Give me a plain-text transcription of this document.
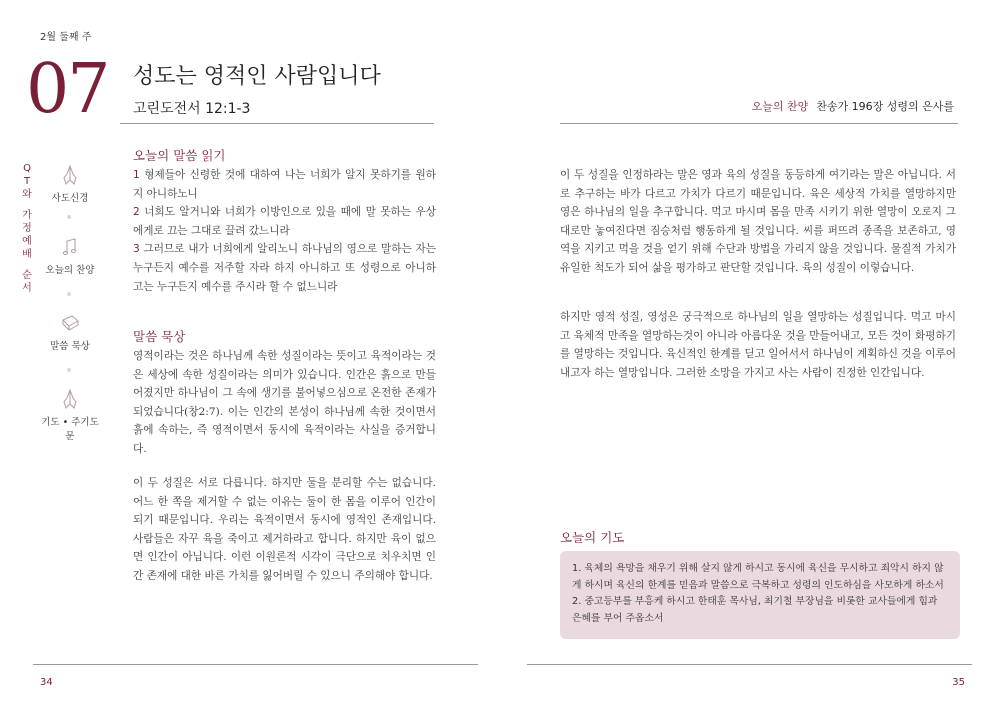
2월 둘째 주
07 성도는 영적인 사람입니다
고린도전서 12:1-3	오늘의 찬양 찬송가 196장 성령의 은사를
Q
T
와
가
정
예
배
순
서
사도신경
오늘의 찬양
말씀 묵상
기도 • 주기도문
오늘의 말씀 읽기
1 형제들아 신령한 것에 대하여 나는 너희가 알지 못하기를 원하지 아니하노니
2 너희도 알거니와 너희가 이방인으로 있을 때에 말 못하는 우상에게로 끄는 그대로 끌려 갔느니라
3 그러므로 내가 너희에게 알리노니 하나님의 영으로 말하는 자는 누구든지 예수를 저주할 자라 하지 아니하고 또 성령으로 아니하고는 누구든지 예수를 주시라 할 수 없느니라
말씀 묵상
영적이라는 것은 하나님께 속한 성질이라는 뜻이고 육적이라는 것은 세상에 속한 성질이라는 의미가 있습니다. 인간은 흙으로 만들어졌지만 하나님이 그 속에 생기를 불어넣으심으로 온전한 존재가 되었습니다(창2:7). 이는 인간의 본성이 하나님께 속한 것이면서 흙에 속하는, 즉 영적이면서 동시에 육적이라는 사실을 증거합니다.
이 두 성질은 서로 다릅니다. 하지만 둘을 분리할 수는 없습니다. 어느 한 쪽을 제거할 수 없는 이유는 둘이 한 몸을 이루어 인간이 되기 때문입니다. 우리는 육적이면서 동시에 영적인 존재입니다. 사람들은 자꾸 육을 죽이고 제거하라고 합니다. 하지만 육이 없으면 인간이 아닙니다. 이런 이원론적 시각이 극단으로 치우치면 인간 존재에 대한 바른 가치를 잃어버릴 수 있으니 주의해야 합니다.
이 두 성질을 인정하라는 말은 영과 육의 성질을 동등하게 여기라는 말은 아닙니다. 서로 추구하는 바가 다르고 가치가 다르기 때문입니다. 육은 세상적 가치를 열망하지만 영은 하나님의 일을 추구합니다. 먹고 마시며 몸을 만족 시키기 위한 열망이 오로지 그대로만 놓여진다면 짐승처럼 행동하게 될 것입니다. 씨를 퍼뜨려 종족을 보존하고, 영역을 지키고 먹을 것을 얻기 위해 수단과 방법을 가리지 않을 것입니다. 물질적 가치가 유일한 척도가 되어 삶을 평가하고 판단할 것입니다. 육의 성질이 이렇습니다.
하지만 영적 성질, 영성은 궁극적으로 하나님의 일을 열망하는 성질입니다. 먹고 마시고 육체적 만족을 열망하는것이 아니라 아름다운 것을 만들어내고, 모든 것이 화평하기를 열망하는 것입니다. 육신적인 한계를 딛고 일어서서 하나님이 계획하신 것을 이루어내고자 하는 열망입니다. 그러한 소망을 가지고 사는 사람이 진정한 인간입니다.
오늘의 기도

1. 육체의 욕망을 채우기 위해 살지 않게 하시고 동시에 육신을 무시하고 죄악시 하지 않게 하시며 육신의 한계를 믿음과 말씀으로 극복하고 성령의 인도하심을 사모하게 하소서

2. 중고등부를 부흥케 하시고 한태훈 목사님, 최기철 부장님을 비롯한 교사들에게 힘과 은혜를 부어 주옵소서

34	35
